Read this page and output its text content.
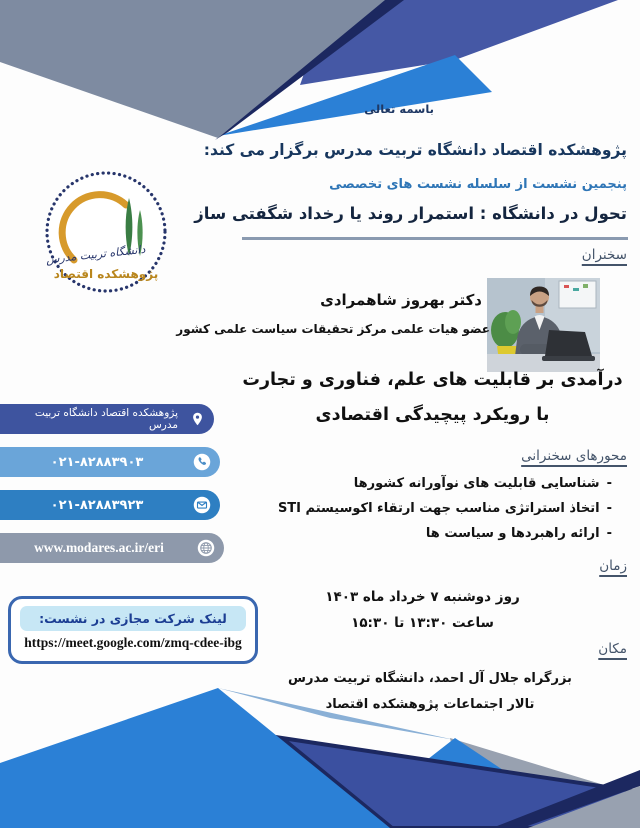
دانشگاه تربیت مدرس
پژوهشکده اقتصاد
باسمه تعالی
پژوهشکده اقتصاد دانشگاه تربیت مدرس برگزار می کند:
پنجمین نشست از سلسله نشست های تخصصی
تحول در دانشگاه : استمرار روند یا رخداد شگفتی ساز
سخنران
دکتر بهروز شاهمرادی
عضو هیات علمی مرکز تحقیقات سیاست علمی کشور
درآمدی بر قابلیت های علم، فناوری و تجارت
با رویکرد پیچیدگی اقتصادی
محورهای سخنرانی
-شناسایی قابلیت های نوآورانه کشورها
-اتخاذ استراتژی مناسب جهت ارتقاء اکوسیستم STI
-ارائه راهبردها و سیاست ها
زمان
روز دوشنبه ۷ خرداد ماه ۱۴۰۳
ساعت ۱۳:۳۰ تا ۱۵:۳۰
مکان
بزرگراه جلال آل احمد، دانشگاه تربیت مدرس
تالار اجتماعات پژوهشکده اقتصاد
پژوهشکده اقتصاد دانشگاه تربیت مدرس
۰۲۱-۸۲۸۸۳۹۰۳
۰۲۱-۸۲۸۸۳۹۲۳
www.modares.ac.ir/eri
لینک شرکت مجازی در نشست:
https://meet.google.com/zmq-cdee-ibg
